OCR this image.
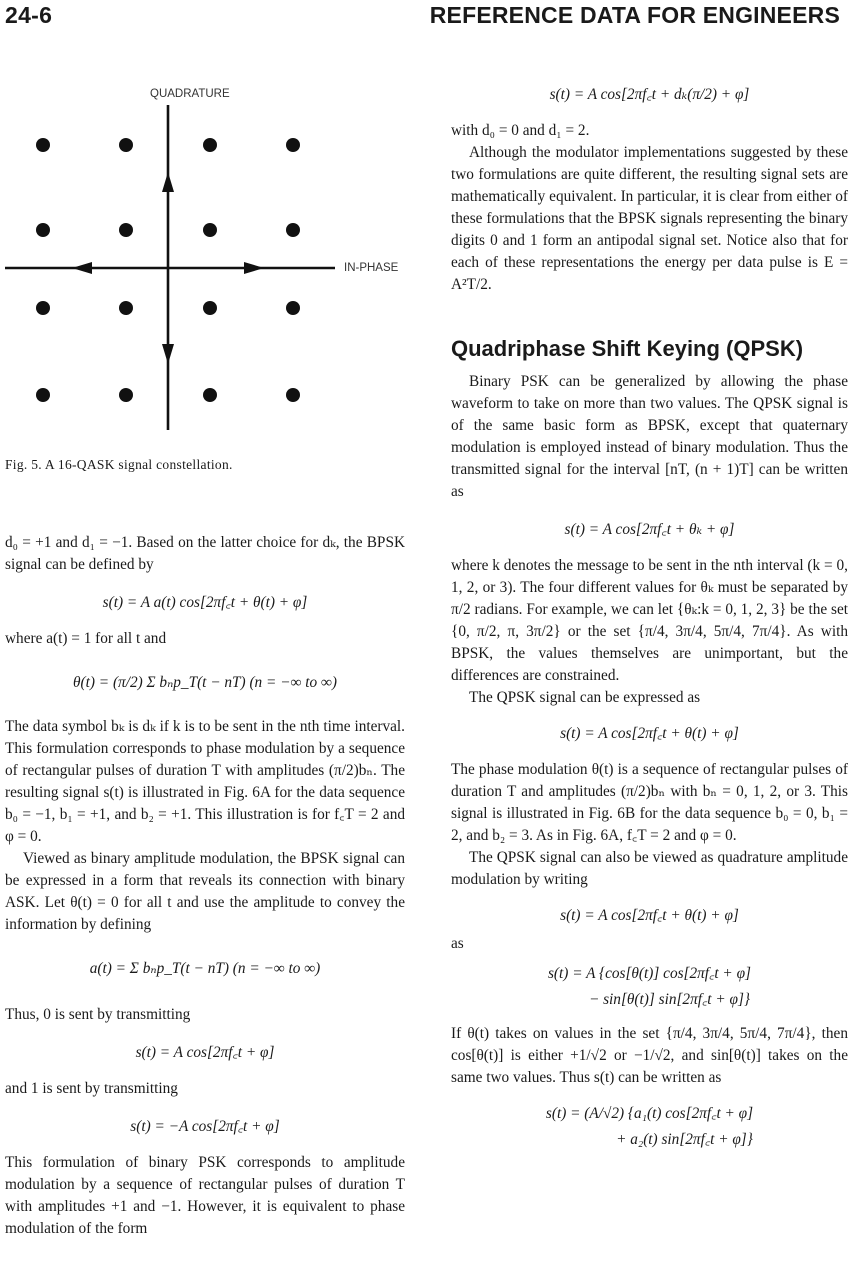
24-6	REFERENCE DATA FOR ENGINEERS
QUADRATURE
IN-PHASE
Fig. 5. A 16-QASK signal constellation.

d₀ = +1 and d₁ = −1. Based on the latter choice for dₖ, the BPSK signal can be defined by

s(t) = A a(t) cos[2πf꜀t + θ(t) + φ]

where a(t) = 1 for all t and

θ(t) = (π/2) Σ bₙp_T(t − nT) (n = −∞ to ∞)

The data symbol bₖ is dₖ if k is to be sent in the nth time interval. This formulation corresponds to phase modulation by a sequence of rectangular pulses of duration T with amplitudes (π/2)bₙ. The resulting signal s(t) is illustrated in Fig. 6A for the data sequence b₀ = −1, b₁ = +1, and b₂ = +1. This illustration is for f꜀T = 2 and φ = 0.

Viewed as binary amplitude modulation, the BPSK signal can be expressed in a form that reveals its connection with binary ASK. Let θ(t) = 0 for all t and use the amplitude to convey the information by defining

a(t) = Σ bₙp_T(t − nT) (n = −∞ to ∞)

Thus, 0 is sent by transmitting

s(t) = A cos[2πf꜀t + φ]

and 1 is sent by transmitting

s(t) = −A cos[2πf꜀t + φ]

This formulation of binary PSK corresponds to amplitude modulation by a sequence of rectangular pulses of duration T with amplitudes +1 and −1. However, it is equivalent to phase modulation of the form

s(t) = A cos[2πf꜀t + dₖ(π/2) + φ]

with d₀ = 0 and d₁ = 2.

Although the modulator implementations suggested by these two formulations are quite different, the resulting signal sets are mathematically equivalent. In particular, it is clear from either of these formulations that the BPSK signals representing the binary digits 0 and 1 form an antipodal signal set. Notice also that for each of these representations the energy per data pulse is E = A²T/2.

Quadriphase Shift Keying (QPSK)

Binary PSK can be generalized by allowing the phase waveform to take on more than two values. The QPSK signal is of the same basic form as BPSK, except that quaternary modulation is employed instead of binary modulation. Thus the transmitted signal for the interval [nT, (n + 1)T] can be written as

s(t) = A cos[2πf꜀t + θₖ + φ]

where k denotes the message to be sent in the nth interval (k = 0, 1, 2, or 3). The four different values for θₖ must be separated by π/2 radians. For example, we can let {θₖ:k = 0, 1, 2, 3} be the set {0, π/2, π, 3π/2} or the set {π/4, 3π/4, 5π/4, 7π/4}. As with BPSK, the values themselves are unimportant, but the differences are constrained.

The QPSK signal can be expressed as

s(t) = A cos[2πf꜀t + θ(t) + φ]

The phase modulation θ(t) is a sequence of rectangular pulses of duration T and amplitudes (π/2)bₙ with bₙ = 0, 1, 2, or 3. This signal is illustrated in Fig. 6B for the data sequence b₀ = 0, b₁ = 2, and b₂ = 3. As in Fig. 6A, f꜀T = 2 and φ = 0.

The QPSK signal can also be viewed as quadrature amplitude modulation by writing

s(t) = A cos[2πf꜀t + θ(t) + φ]

as

s(t) = A {cos[θ(t)] cos[2πf꜀t + φ]

− sin[θ(t)] sin[2πf꜀t + φ]}

If θ(t) takes on values in the set {π/4, 3π/4, 5π/4, 7π/4}, then cos[θ(t)] is either +1/√2 or −1/√2, and sin[θ(t)] takes on the same two values. Thus s(t) can be written as

s(t) = (A/√2) {a₁(t) cos[2πf꜀t + φ]

+ a₂(t) sin[2πf꜀t + φ]}
